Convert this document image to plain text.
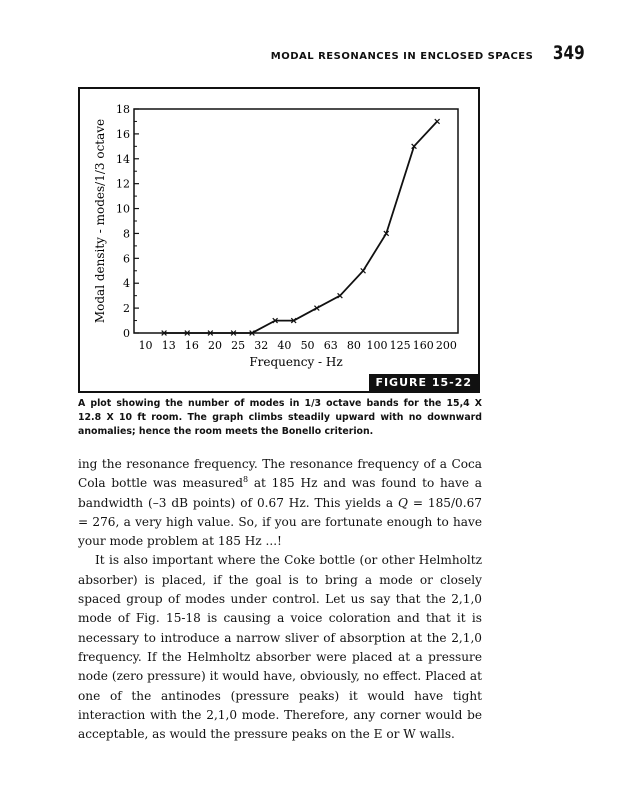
MODAL RESONANCES IN ENCLOSED SPACES 349
0
2
4
6
8
10
12
14
16
18
10 13 16 20 25 32 40 50 63 80 100 125 160 200
Frequency - Hz
Modal density - modes/1/3 octave
FIGURE 15-22
A plot showing the number of modes in 1/3 octave bands for the 15,4 X 12.8 X 10 ft room. The graph climbs steadily upward with no downward anomalies; hence the room meets the Bonello criterion.

ing the resonance frequency. The resonance frequency of a Coca Cola bottle was measured$^8$ at 185 Hz and was found to have a bandwidth (–3 dB points) of 0.67 Hz. This yields a Q = 185/0.67 = 276, a very high value. So, if you are fortunate enough to have your mode problem at 185 Hz ...!

It is also important where the Coke bottle (or other Helmholtz absorber) is placed, if the goal is to bring a mode or closely spaced group of modes under control. Let us say that the 2,1,0 mode of Fig. 15-18 is causing a voice coloration and that it is necessary to introduce a narrow sliver of absorption at the 2,1,0 frequency. If the Helmholtz absorber were placed at a pressure node (zero pressure) it would have, obviously, no effect. Placed at one of the antinodes (pressure peaks) it would have tight interaction with the 2,1,0 mode. Therefore, any corner would be acceptable, as would the pressure peaks on the E or W walls.
